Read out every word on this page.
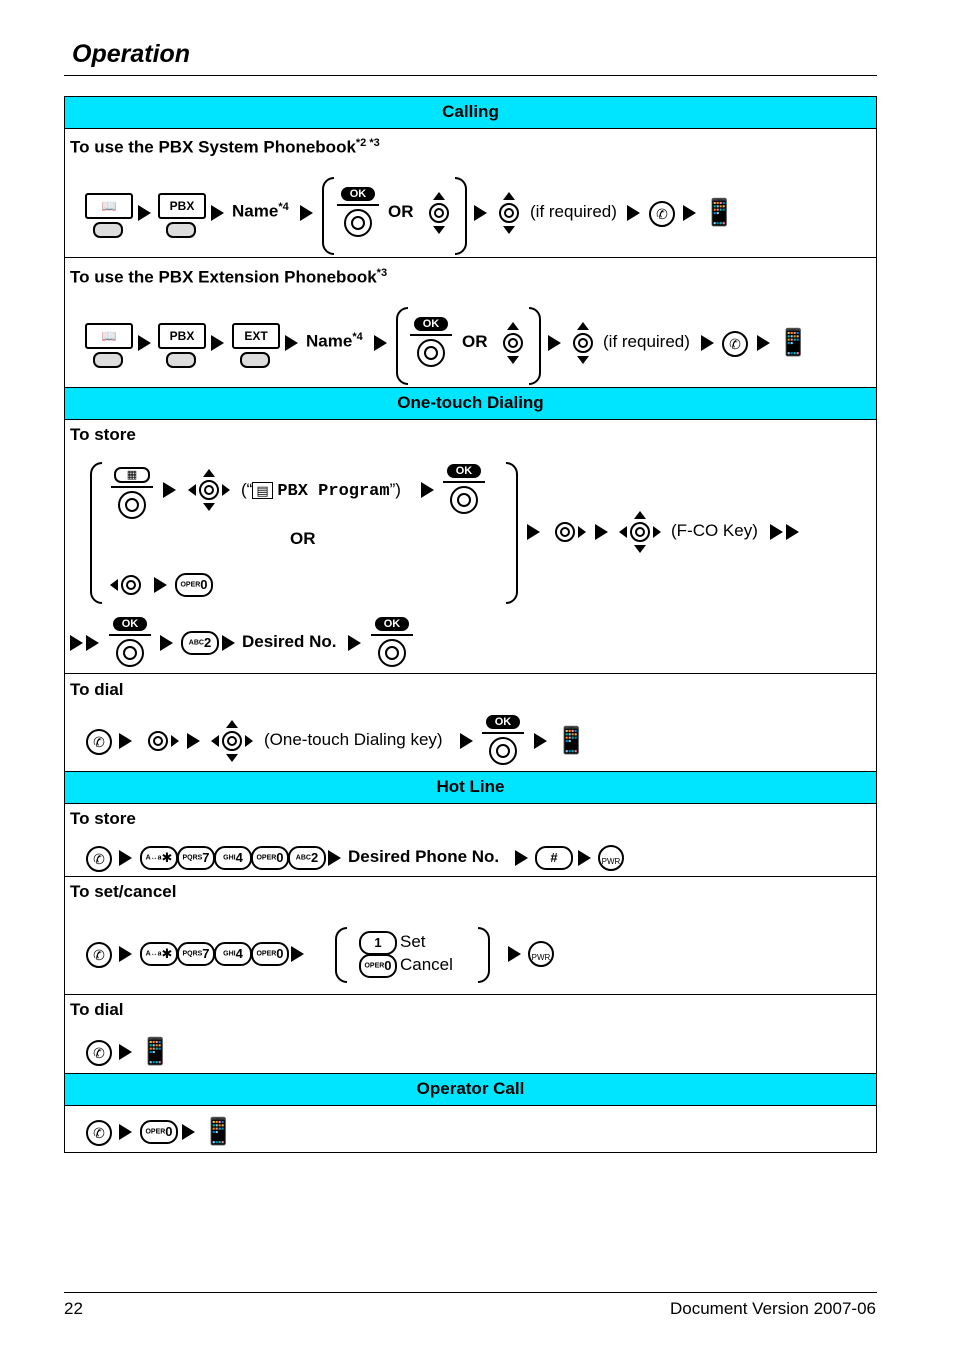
Operation
Calling
To use the PBX System Phonebook$^{*2 *3}$
📖	PBX	Name$^{*4}$
OK
OR	(if required)	✆ 📱
To use the PBX Extension Phonebook$^{*3}$
📖	PBX	EXT	Name$^{*4}$
OK
OR	(if required)	✆ 📱
One-touch Dialing
To store
▦
(“ ▤ PBX Program”)
OK
OR
OPER0
(F-CO Key)
OK
ABC2	Desired No.
OK
To dial
✆	(One-touch Dialing key)
OK
📱
Hot Line
To store
✆	A↔a✱	PQRS7	GHI4	OPER0	ABC2	Desired Phone No.	#	PWR
To set/cancel
✆	A↔a✱	PQRS7	GHI4	OPER0
1	Set
OPER0 Cancel	PWR
To dial
✆ 📱
Operator Call
✆	OPER0 📱
22	Document Version 2007-06
